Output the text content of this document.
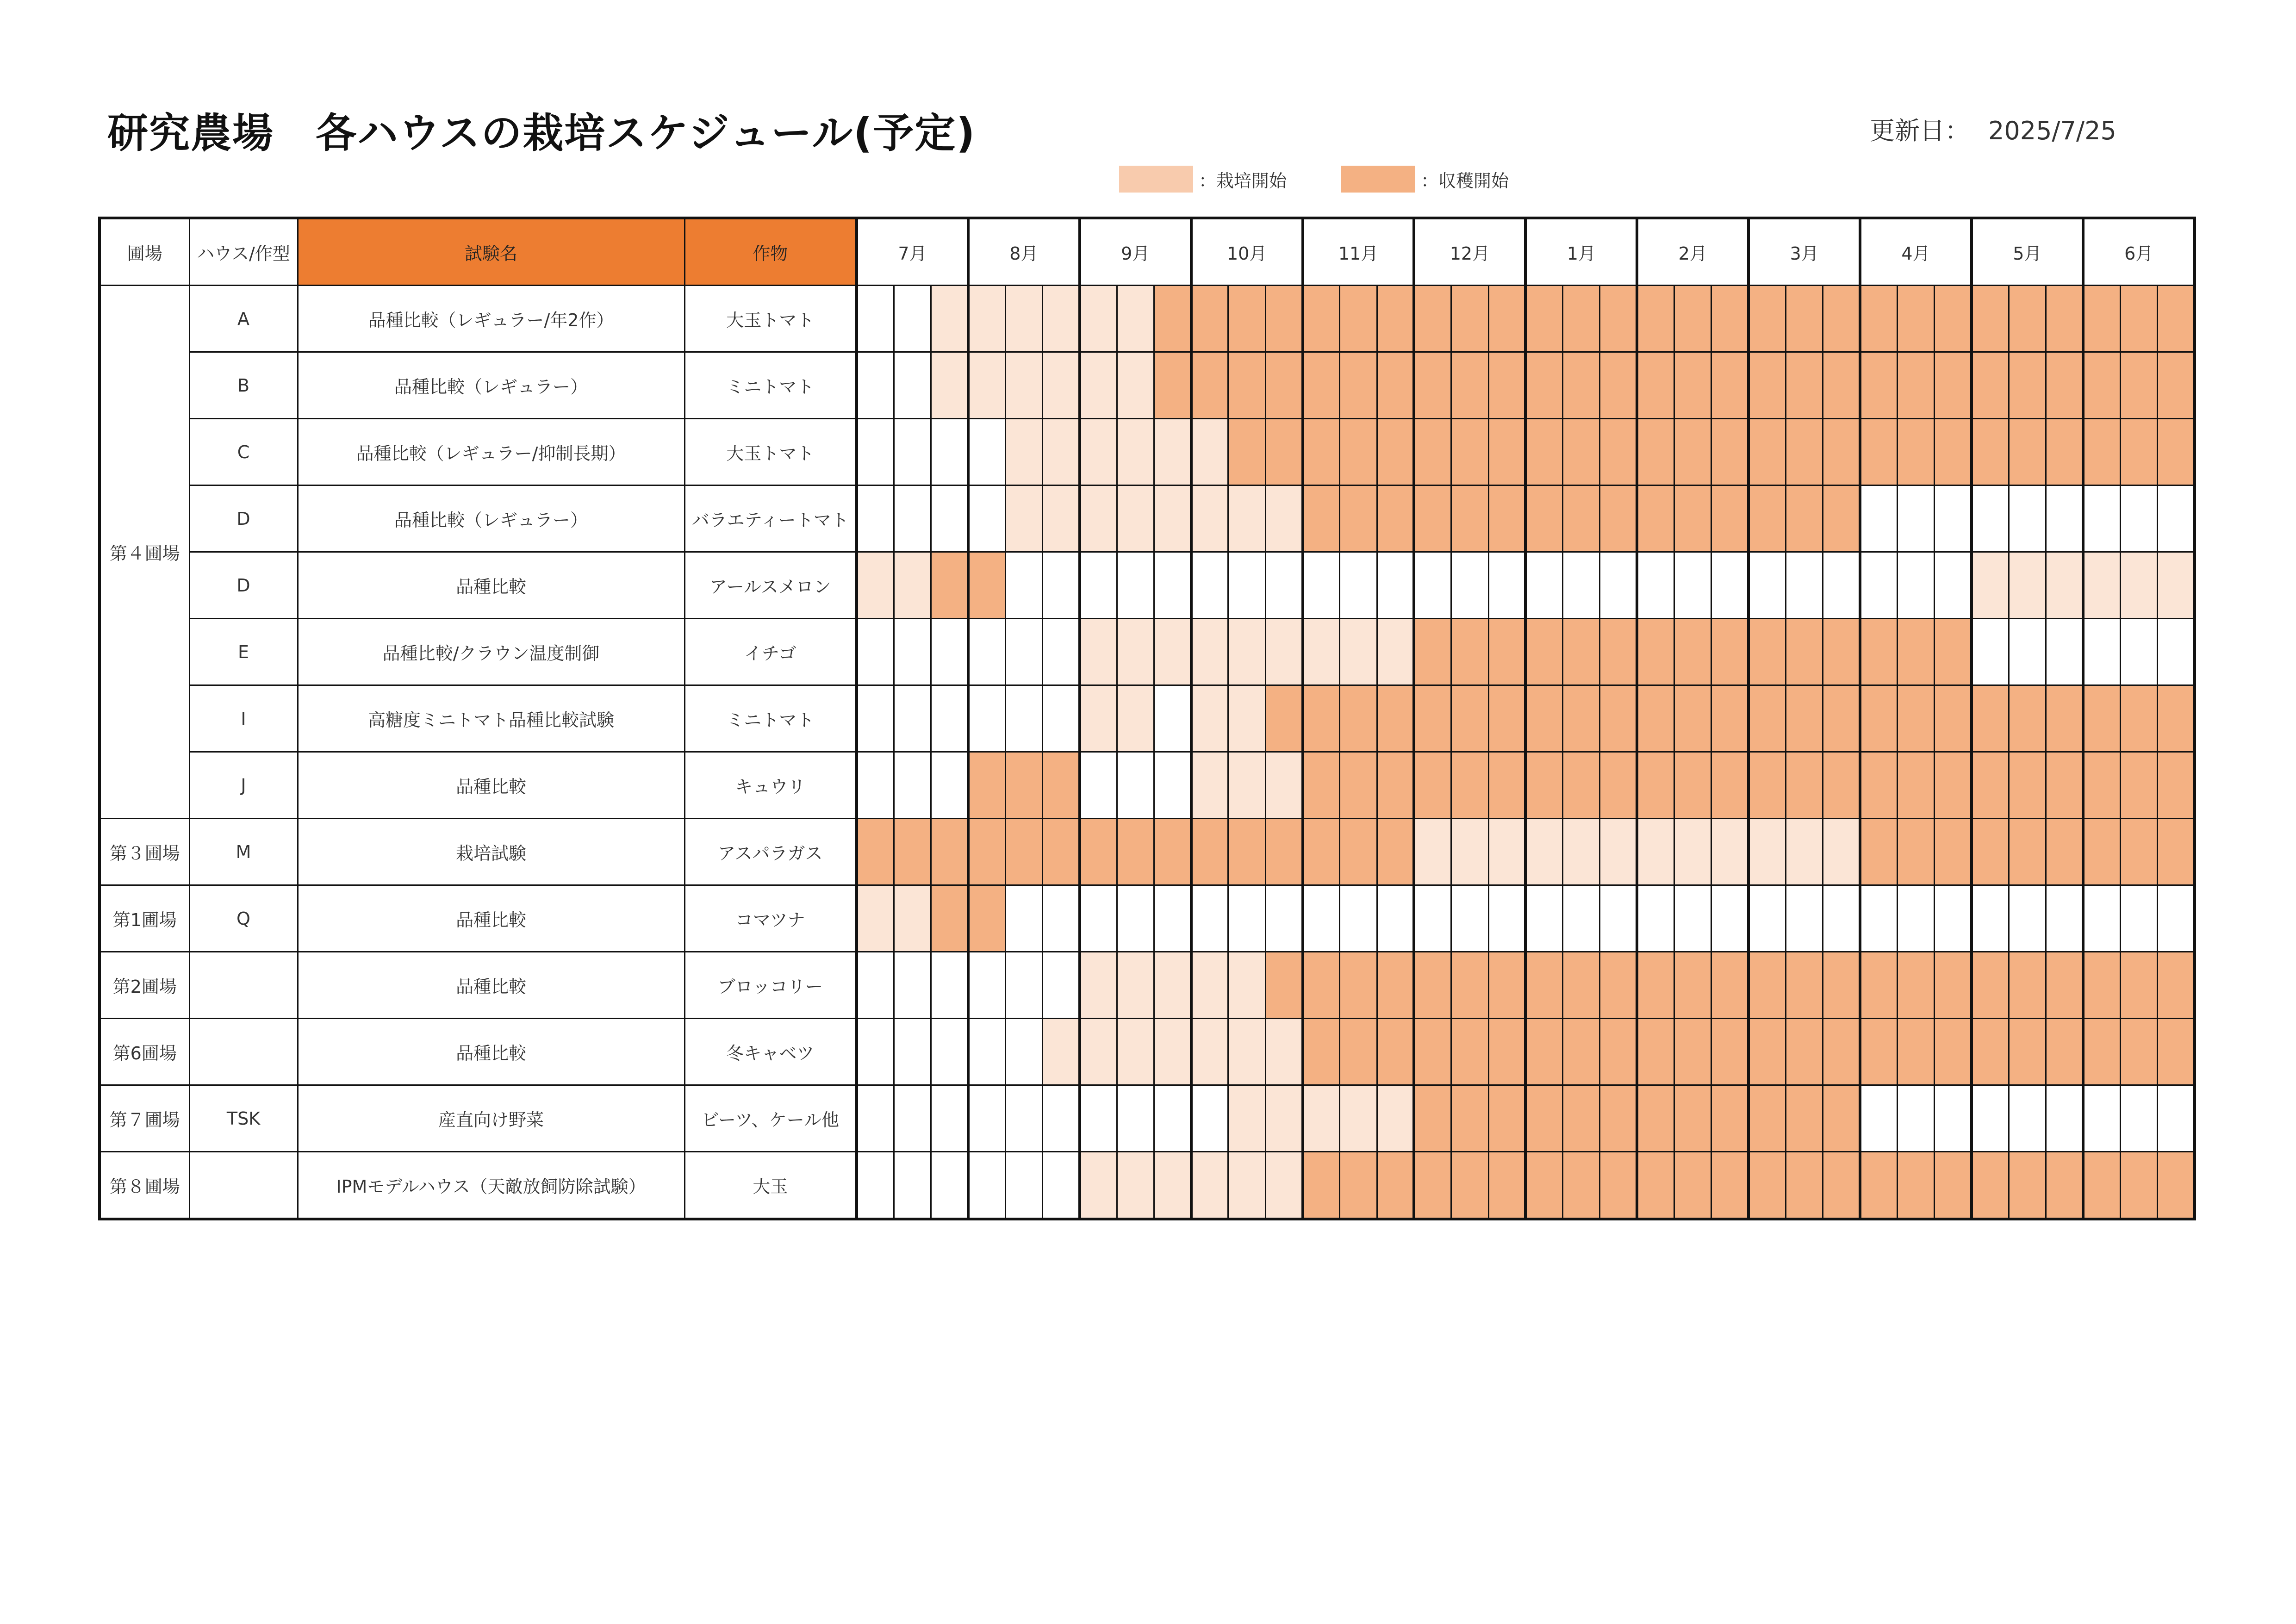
研究農場　各ハウスの栽培スケジュール(予定)	更新日： 2025/7/25
：栽培開始	：収穫開始
圃場	ハウス/作型	試験名	作物	7月			8月			9月			10月			11月			12月			1月			2月			3月			4月			5月			6月		
第４圃場	A	品種比較（レギュラー/年2作）	大玉トマト																																				
	B	品種比較（レギュラー）	ミニトマト																																				
	C	品種比較（レギュラー/抑制長期）	大玉トマト																																				
	D	品種比較（レギュラー）	バラエティートマト																																				
	D	品種比較	アールスメロン																																				
	E	品種比較/クラウン温度制御	イチゴ																																				
	I	高糖度ミニトマト品種比較試験	ミニトマト																																				
	J	品種比較	キュウリ																																				
第３圃場	M	栽培試験	アスパラガス																																				
第1圃場	Q	品種比較	コマツナ																																				
第2圃場		品種比較	ブロッコリー																																				
第6圃場		品種比較	冬キャベツ																																				
第７圃場	TSK	産直向け野菜	ビーツ、ケール他																																				
第８圃場		IPMモデルハウス（天敵放飼防除試験）	大玉																																				
